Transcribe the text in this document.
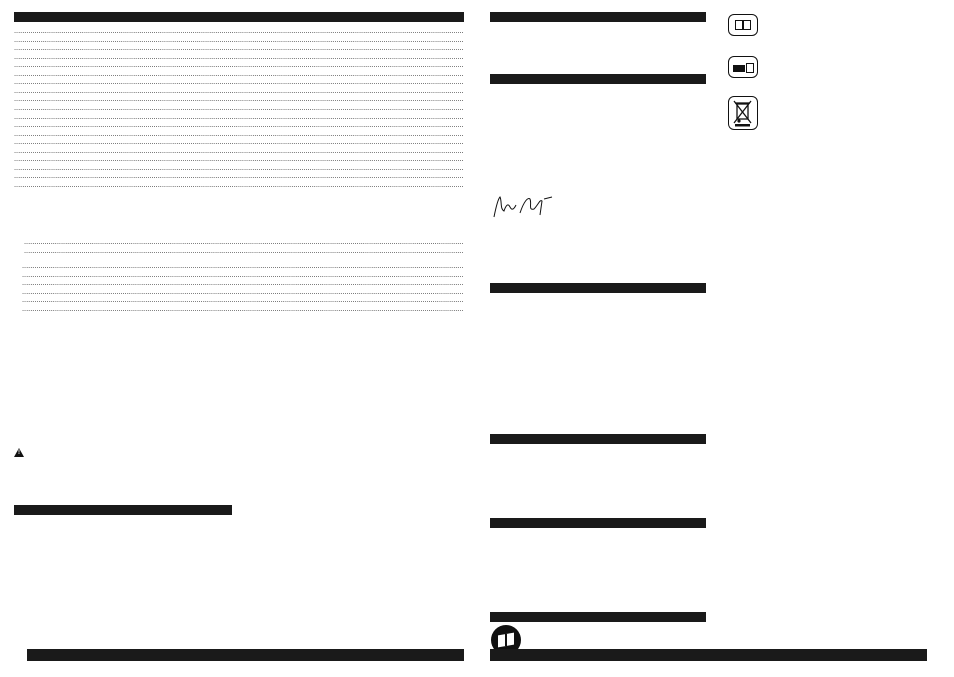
.....
.....
.....
.....
.....
.....
.....
.....
.....
.....
.....
.....
.....
.....
.....
.....
.....
.....
.....
.....
.....
.....
.....
.....
.....
.....
.....

!
